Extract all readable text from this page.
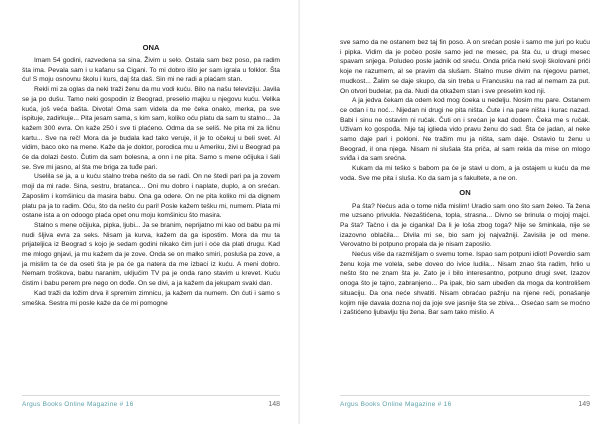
ONA

Imam 54 godini, razvedena sa sina. Živim u selo. Ostala sam bez poso, pa radim šta ima. Pevala sam i u kafanu sa Cigani. To mi dobro išlo jer sam igrala u folklor. Šta ću! S moju osnovnu školu i kurs, daj šta daš. Sin mi ne radi a plaćam stan.

Rekli mi za oglas da neki traži ženu da mu vodi kuću. Bilo na našu televiziju. Javila se ja po dušu. Tamo neki gospodin iz Beograd, preselio majku u njegovu kuću. Velika kuća, još veća bašta. Divota! Oma sam videla da me čeka onako, merka, pa sve ispituje, zadirkuje... Pita jesam sama, s kim sam, koliko oću platu da sam tu stalno... Ja kažem 300 evra. On kaže 250 i sve ti plaćeno. Odma da se seliš. Ne pita mi za ličnu kartu... Sve na reč! Mora da je budala kad tako veruje, il je to očekuj u beli svet. Al vidim, baco oko na mene. Kaže da je doktor, porodica mu u Ameriku, živi u Beograd pa će da dolazi često. Čutim da sam bolesna, a onn i ne pita. Samo s mene očijuka i šali se. Sve mi jasno, al šta me briga za tuđe pari.

Uselila se ja, a u kuću stalno treba nešto da se radi. On ne štedi pari pa ja zovem moji da mi rade. Sina, sestru, bratanca... Oni mu dobro i naplate, duplo, a on srećan. Zaposlim i komšinicu da masira babu. Ona ga odere. On ne pita koliko mi da dignem platu pa ja to radim. Oću, što da nešto ću pari! Posle kažem tešku mi, numem. Plata mi ostane ista a on odoogo plaća opet onu moju komšinicu što masira.

Stalno s mene očijuka, pipka, ljubi... Ja se branim, neprijatno mi kao od babu pa mi nudi šljiva evra za seks. Nisam ja kurva, kažem da ga ispostim. Mora da mu ta prijateljica iz Beograd s kojo je sedam godini nikako čim juri i oće da plati drugu. Kad me mlogo gnjavi, ja mu kažem da je zove. Onda se on malko smiri, posluša pa zove, a ja mislim ta će da oseti šta je pa će ga natera da me izbaci iz kuću. A meni dobro. Nemam troškova, babu naranim, uključim TV pa je onda rano stavim u krevet. Kuću čistim i babu perem pre nego on dođe. On se divi, a ja kažem da jekupam svaki dan.

Kad traži da ložim drva il spremim zimnicu, ja kažem da numem. On ćuti i samo s smeška. Sestra mi posle kaže da će mi pomogne

Argus Books Online Magazine # 16	148

sve samo da ne ostanem bez taj fin poso. A on srećan posle i samo me juri po kuću i pipka. Vidim da je počeo posle samo jed ne mesec, pa šta ću, u drugi mesec spavam snjega. Poludeo posle jadnik od sreću. Onda priča neki svoji školovani priči koje ne razumem, al se pravim da slušam. Stalno muse divim na njegovu pamet, mudkost... Žalim se daje skupo, da sin treba u Francusku na rad al nemam za put. On otvori budelar, pa da. Nudi da otkažem stan i sve preselim kod nji.

A ja jedva čekam da odem kod mog čoeka u nedelju. Nosim mu pare. Ostanem ce odan i tu noć... Nijedan ni drugi ne pita ništa. Čute i na pare ništa i kurac nazad. Babi i sinu ne ostavim ni ručak. Čuti on i srećan je kad dodem. Čeka me s ručak. Uživam ko gospođa. Nije taj iglieda vido pravu ženu do sad. Šta će jadan, al neke samo daje pari i pokloni. Ne tražim mu ja ništa, sam daje. Ostavio tu ženu u Beograd, il ona njega. Nisam ni slušala šta priča, al sam rekla da mise on mlogo sviđa i da sam srećna.

Kukam da mi teško s babom pa će je stavi u dom, a ja ostajem u kuću da me voda. Sve me pita i sluša. Ko da sam ja s fakultete, a ne on.

ON

Pa šta? Nećus ada o tome niđa mislim! Uradio sam ono što sam želeo. Ta žena me uzsano privukla. Nezaštićena, topla, strasna... Divno se brinula o mojoj majci. Pa šta? Tačno i da je ciganka! Da li je loša zbog toga? Nije se šminkala, nije se izazovno oblačila... Divila mi se, bio sam joj najvažniji. Zavisila je od mene. Verovatno bi potpuno propala da je nisam zaposlio.

Nećus više da razmišljam o svemu tome. Ispao sam potpuni idiot! Poverdio sam ženu koja me volela, sebe doveo do ivice ludila... Nisam znao šta radim, hrlio u nešto što ne znam šta je. Zato je i bilo interesantno, potpuno drugi svet. Izazov onoga što je tajno, zabranjeno... Pa ipak, bio sam ubeđen da moga da kontrolišem situaciju. Da ona neće shvatiti. Nisam obraćao pažnju na njene reči, ponašanje kojim nije davala dozna noj da joje sve jasnije šta se zbiva... Osećao sam se moćno i zaštićeno ljubavlju tiju žena. Bar sam tako mislio. A

Argus Books Online Magazine # 16	149
